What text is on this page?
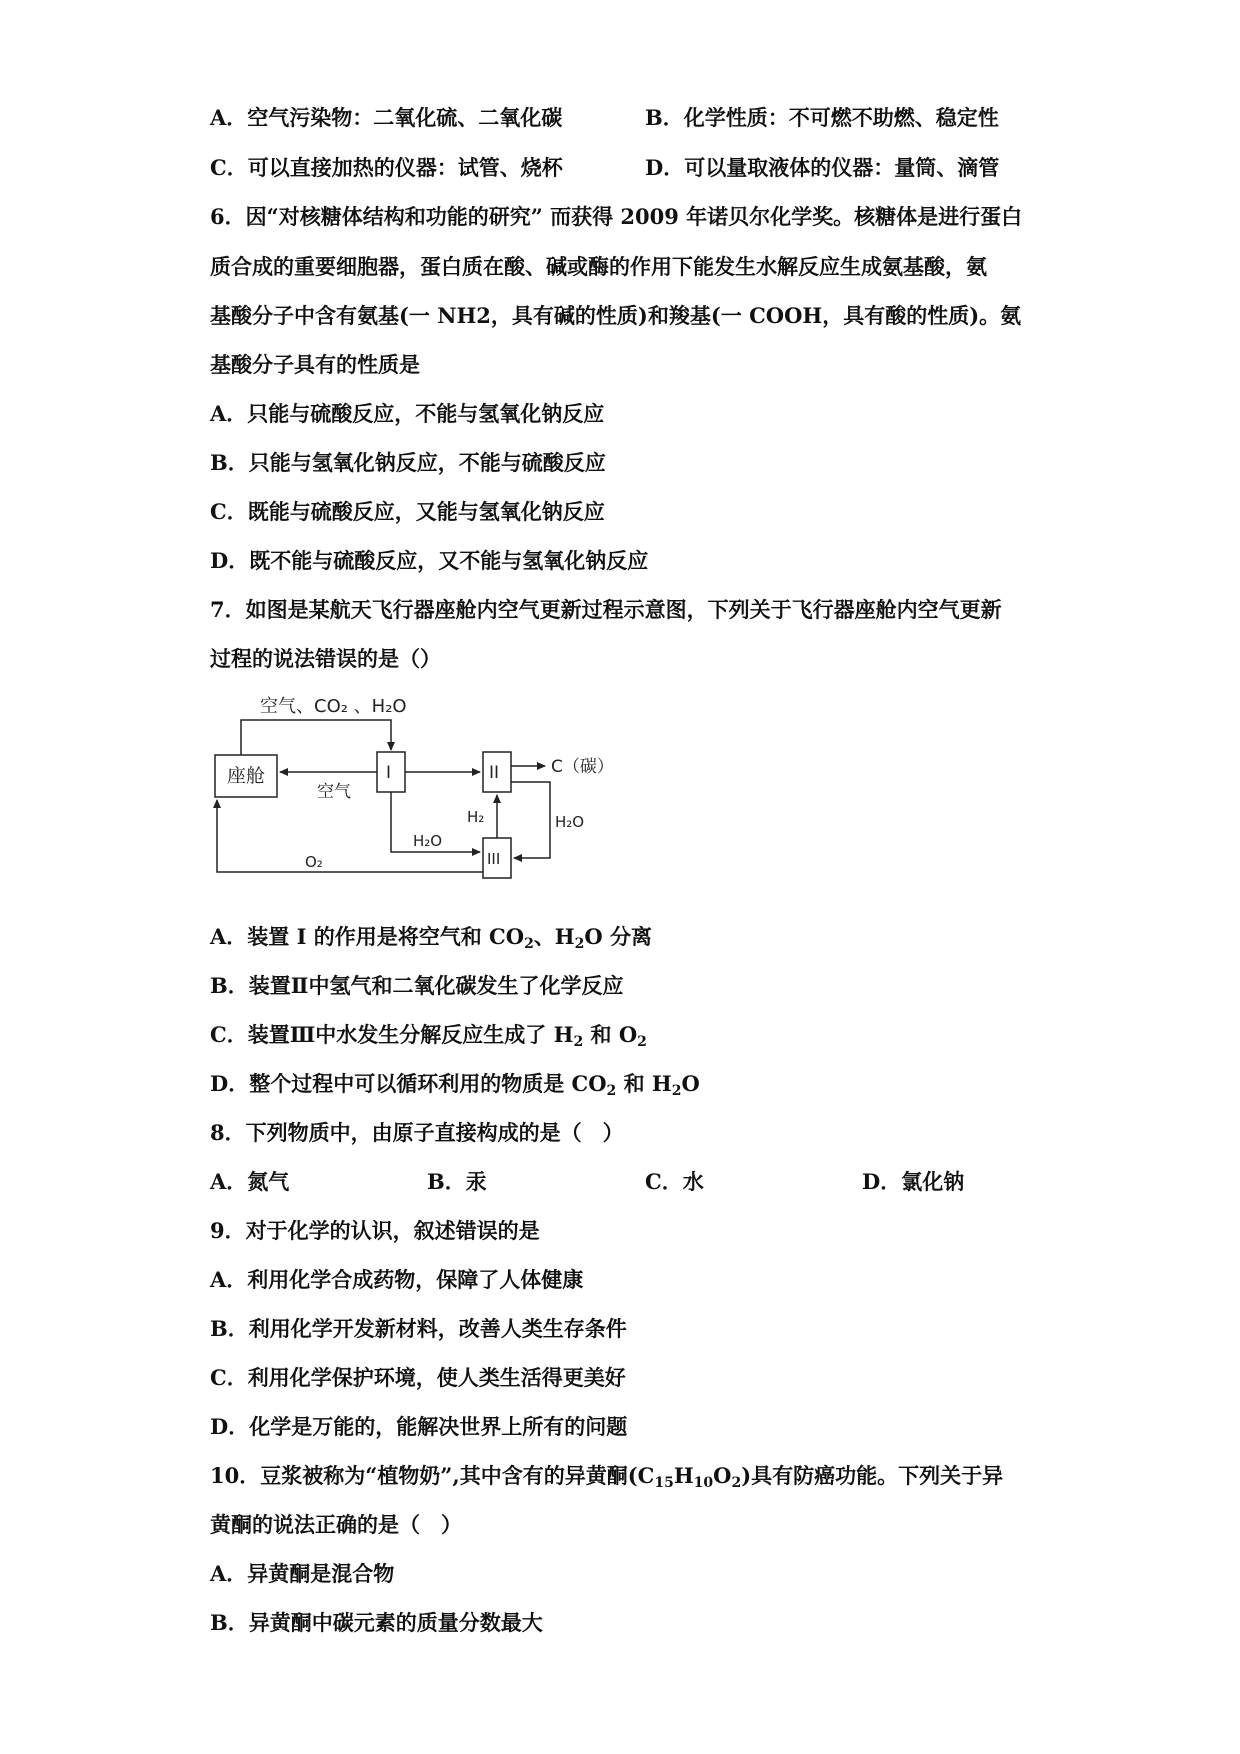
A．空气污染物：二氧化硫、二氧化碳	B．化学性质：不可燃不助燃、稳定性
C．可以直接加热的仪器：试管、烧杯	D．可以量取液体的仪器：量筒、滴管
6．因“对核糖体结构和功能的研究” 而获得 2009 年诺贝尔化学奖。核糖体是进行蛋白
质合成的重要细胞器，蛋白质在酸、碱或酶的作用下能发生水解反应生成氨基酸，氨
基酸分子中含有氨基(一 NH2，具有碱的性质)和羧基(一 COOH，具有酸的性质)。氨
基酸分子具有的性质是
A．只能与硫酸反应，不能与氢氧化钠反应
B．只能与氢氧化钠反应，不能与硫酸反应
C．既能与硫酸反应，又能与氢氧化钠反应
D．既不能与硫酸反应，又不能与氢氧化钠反应
7．如图是某航天飞行器座舱内空气更新过程示意图，下列关于飞行器座舱内空气更新
过程的说法错误的是（）
空气、CO₂ 、H₂O
座舱
空气
I	II
III
C（碳）
H₂	H₂O
H₂O
O₂
A．装置 I 的作用是将空气和 $CO_2$、$H_2O$ 分离
B．装置Ⅱ中氢气和二氧化碳发生了化学反应
C．装置Ⅲ中水发生分解反应生成了 $H_2$ 和 $O_2$
D．整个过程中可以循环利用的物质是 $CO_2$ 和 $H_2O$
8．下列物质中，由原子直接构成的是（　）
A．氮气	B．汞	C．水	D．氯化钠
9．对于化学的认识，叙述错误的是
A．利用化学合成药物，保障了人体健康
B．利用化学开发新材料，改善人类生存条件
C．利用化学保护环境，使人类生活得更美好
D．化学是万能的，能解决世界上所有的问题
10．豆浆被称为“植物奶”,其中含有的异黄酮$(C_{15}H_{10}O_2)$具有防癌功能。下列关于异
黄酮的说法正确的是（　）
A．异黄酮是混合物
B．异黄酮中碳元素的质量分数最大
